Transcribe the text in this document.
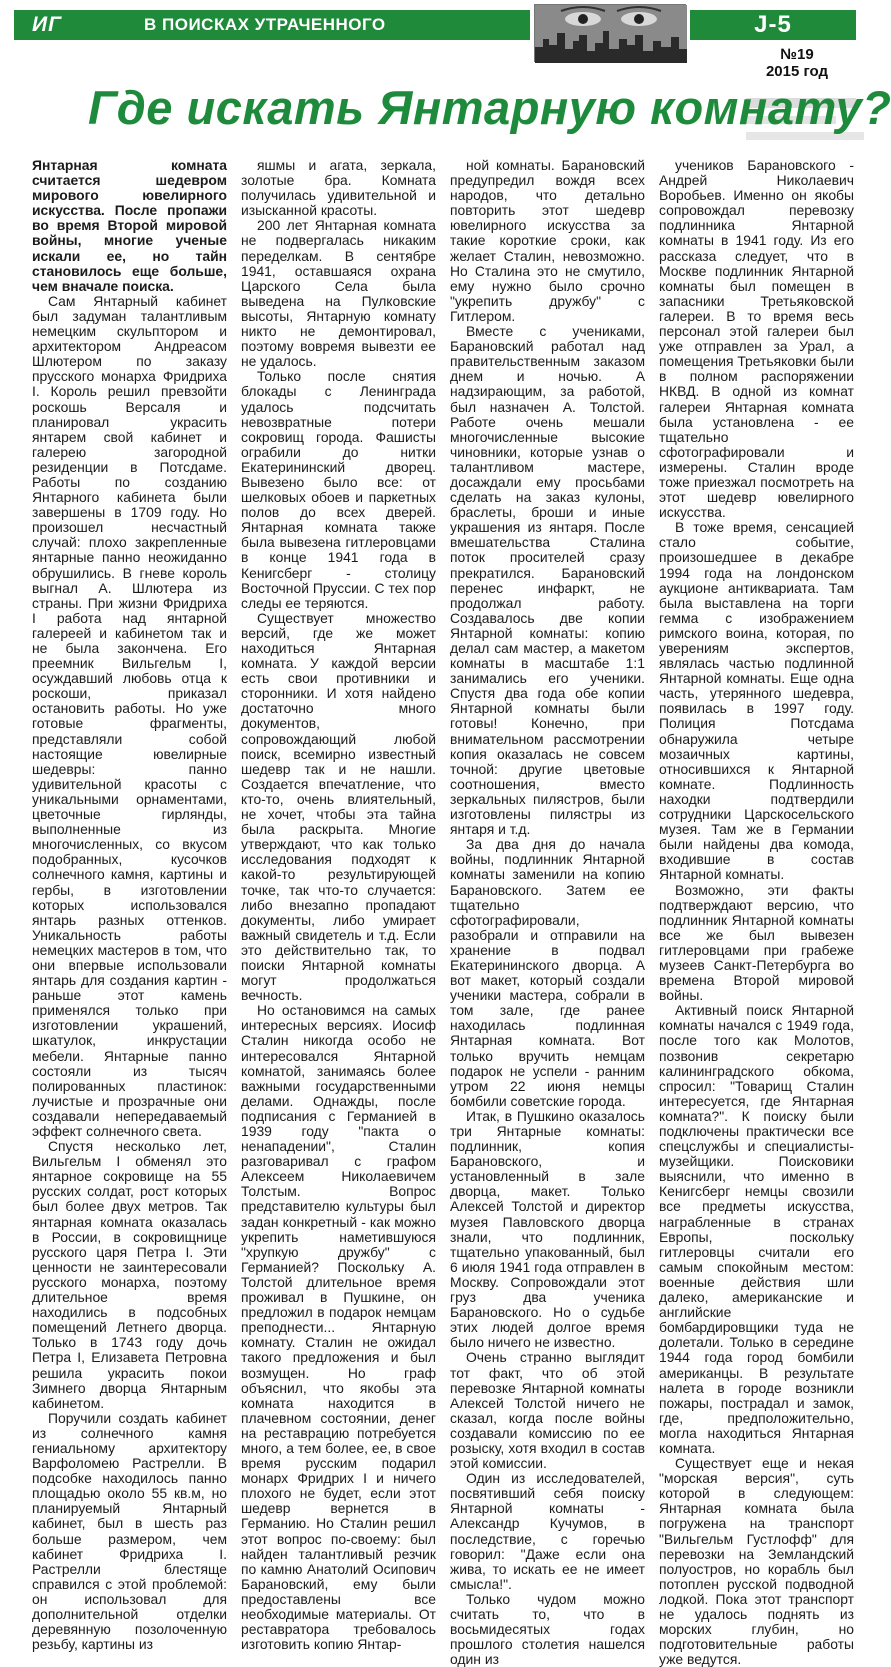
ИГ	В ПОИСКАХ УТРАЧЕННОГО	J-5
№19
2015 год
Где искать Янтарную комнату?

Янтарная комната считается шедевром мирового ювелирного искусства. После пропажи во время Второй мировой войны, многие ученые искали ее, но тайн становилось еще больше, чем вначале поиска.

Сам Янтарный кабинет был задуман талантливым немецким скульптором и архитектором Андреасом Шлютером по заказу прусского монарха Фридриха I. Король решил превзойти роскошь Версаля и планировал украсить янтарем свой кабинет и галерею загородной резиденции в Потсдаме. Работы по созданию Янтарного кабинета были завершены в 1709 году. Но произошел несчастный случай: плохо закрепленные янтарные панно неожиданно обрушились. В гневе король выгнал А. Шлютера из страны. При жизни Фридриха I работа над янтарной галереей и кабинетом так и не была закончена. Его преемник Вильгельм I, осуждавший любовь отца к роскоши, приказал остановить работы. Но уже готовые фрагменты, представляли собой настоящие ювелирные шедевры: панно удивительной красоты с уникальными орнаментами, цветочные гирлянды, выполненные из многочисленных, со вкусом подобранных, кусочков солнечного камня, картины и гербы, в изготовлении которых использовался янтарь разных оттенков. Уникальность работы немецких мастеров в том, что они впервые использовали янтарь для создания картин - раньше этот камень применялся только при изготовлении украшений, шкатулок, инкрустации мебели. Янтарные панно состояли из тысяч полированных пластинок: лучистые и прозрачные они создавали непередаваемый эффект солнечного света.

Спустя несколько лет, Вильгельм I обменял это янтарное сокровище на 55 русских солдат, рост которых был более двух метров. Так янтарная комната оказалась в России, в сокровищнице русского царя Петра I. Эти ценности не заинтересовали русского монарха, поэтому длительное время находились в подсобных помещений Летнего дворца. Только в 1743 году дочь Петра I, Елизавета Петровна решила украсить покои Зимнего дворца Янтарным кабинетом.

Поручили создать кабинет из солнечного камня гениальному архитектору Варфоломею Растрелли. В подсобке находилось панно площадью около 55 кв.м, но планируемый Янтарный кабинет, был в шесть раз больше размером, чем кабинет Фридриха I. Растрелли блестяще справился с этой проблемой: он использовал для дополнительной отделки деревянную позолоченную резьбу, картины из

яшмы и агата, зеркала, золотые бра. Комната получилась удивительной и изысканной красоты.

200 лет Янтарная комната не подвергалась никаким переделкам. В сентябре 1941, оставшаяся охрана Царского Села была выведена на Пулковские высоты, Янтарную комнату никто не демонтировал, поэтому вовремя вывезти ее не удалось.

Только после снятия блокады с Ленинграда удалось подсчитать невозвратные потери сокровищ города. Фашисты ограбили до нитки Екатерининский дворец. Вывезено было все: от шелковых обоев и паркетных полов до всех дверей. Янтарная комната также была вывезена гитлеровцами в конце 1941 года в Кенигсберг - столицу Восточной Пруссии. С тех пор следы ее теряются.

Существует множество версий, где же может находиться Янтарная комната. У каждой версии есть свои противники и сторонники. И хотя найдено достаточно много документов, сопровождающий любой поиск, всемирно известный шедевр так и не нашли. Создается впечатление, что кто-то, очень влиятельный, не хочет, чтобы эта тайна была раскрыта. Многие утверждают, что как только исследования подходят к какой-то результирующей точке, так что-то случается: либо внезапно пропадают документы, либо умирает важный свидетель и т.д. Если это действительно так, то поиски Янтарной комнаты могут продолжаться вечность.

Но остановимся на самых интересных версиях. Иосиф Сталин никогда особо не интересовался Янтарной комнатой, занимаясь более важными государственными делами. Однажды, после подписания с Германией в 1939 году "пакта о ненападении", Сталин разговаривал с графом Алексеем Николаевичем Толстым. Вопрос представителю культуры был задан конкретный - как можно укрепить наметившуюся "хрупкую дружбу" с Германией? Поскольку А. Толстой длительное время проживал в Пушкине, он предложил в подарок немцам преподнести... Янтарную комнату. Сталин не ожидал такого предложения и был возмущен. Но граф объяснил, что якобы эта комната находится в плачевном состоянии, денег на реставрацию потребуется много, а тем более, ее, в свое время русским подарил монарх Фридрих I и ничего плохого не будет, если этот шедевр вернется в Германию. Но Сталин решил этот вопрос по-своему: был найден талантливый резчик по камню Анатолий Осипович Барановский, ему были предоставлены все необходимые материалы. От реставратора требовалось изготовить копию Янтар-

ной комнаты. Барановский предупредил вождя всех народов, что детально повторить этот шедевр ювелирного искусства за такие короткие сроки, как желает Сталин, невозможно. Но Сталина это не смутило, ему нужно было срочно "укрепить дружбу" с Гитлером.

Вместе с учениками, Барановский работал над правительственным заказом днем и ночью. А надзирающим, за работой, был назначен А. Толстой. Работе очень мешали многочисленные высокие чиновники, которые узнав о талантливом мастере, досаждали ему просьбами сделать на заказ кулоны, браслеты, броши и иные украшения из янтаря. После вмешательства Сталина поток просителей сразу прекратился. Барановский перенес инфаркт, не продолжал работу. Создавалось две копии Янтарной комнаты: копию делал сам мастер, а макетом комнаты в масштабе 1:1 занимались его ученики. Спустя два года обе копии Янтарной комнаты были готовы! Конечно, при внимательном рассмотрении копия оказалась не совсем точной: другие цветовые соотношения, вместо зеркальных пилястров, были изготовлены пилястры из янтаря и т.д.

За два дня до начала войны, подлинник Янтарной комнаты заменили на копию Барановского. Затем ее тщательно сфотографировали, разобрали и отправили на хранение в подвал Екатерининского дворца. А вот макет, который создали ученики мастера, собрали в том зале, где ранее находилась подлинная Янтарная комната. Вот только вручить немцам подарок не успели - ранним утром 22 июня немцы бомбили советские города.

Итак, в Пушкино оказалось три Янтарные комнаты: подлинник, копия Барановского, и установленный в зале дворца, макет. Только Алексей Толстой и директор музея Павловского дворца знали, что подлинник, тщательно упакованный, был 6 июля 1941 года отправлен в Москву. Сопровождали этот груз два ученика Барановского. Но о судьбе этих людей долгое время было ничего не известно.

Очень странно выглядит тот факт, что об этой перевозке Янтарной комнаты Алексей Толстой ничего не сказал, когда после войны создавали комиссию по ее розыску, хотя входил в состав этой комиссии.

Один из исследователей, посвятивший себя поиску Янтарной комнаты - Александр Кучумов, в последствие, с горечью говорил: "Даже если она жива, то искать ее не имеет смысла!".

Только чудом можно считать то, что в восьмидесятых годах прошлого столетия нашелся один из

учеников Барановского - Андрей Николаевич Воробьев. Именно он якобы сопровождал перевозку подлинника Янтарной комнаты в 1941 году. Из его рассказа следует, что в Москве подлинник Янтарной комнаты был помещен в запасники Третьяковской галереи. В то время весь персонал этой галереи был уже отправлен за Урал, а помещения Третьяковки были в полном распоряжении НКВД. В одной из комнат галереи Янтарная комната была установлена - ее тщательно сфотографировали и измерены. Сталин вроде тоже приезжал посмотреть на этот шедевр ювелирного искусства.

В тоже время, сенсацией стало событие, произошедшее в декабре 1994 года на лондонском аукционе антиквариата. Там была выставлена на торги гемма с изображением римского воина, которая, по уверениям экспертов, являлась частью подлинной Янтарной комнаты. Еще одна часть, утерянного шедевра, появилась в 1997 году. Полиция Потсдама обнаружила четыре мозаичных картины, относившихся к Янтарной комнате. Подлинность находки подтвердили сотрудники Царскосельского музея. Там же в Германии были найдены два комода, входившие в состав Янтарной комнаты.

Возможно, эти факты подтверждают версию, что подлинник Янтарной комнаты все же был вывезен гитлеровцами при грабеже музеев Санкт-Петербурга во времена Второй мировой войны.

Активный поиск Янтарной комнаты начался с 1949 года, после того как Молотов, позвонив секретарю калининградского обкома, спросил: "Товарищ Сталин интересуется, где Янтарная комната?". К поиску были подключены практически все спецслужбы и специалисты-музейщики. Поисковики выяснили, что именно в Кенигсберг немцы свозили все предметы искусства, награбленные в странах Европы, поскольку гитлеровцы считали его самым спокойным местом: военные действия шли далеко, американские и английские бомбардировщики туда не долетали. Только в середине 1944 года город бомбили американцы. В результате налета в городе возникли пожары, пострадал и замок, где, предположительно, могла находиться Янтарная комната.

Существует еще и некая "морская версия", суть которой в следующем: Янтарная комната была погружена на транспорт "Вильгельм Густлофф" для перевозки на Земландский полуостров, но корабль был потоплен русской подводной лодкой. Пока этот транспорт не удалось поднять из морских глубин, но подготовительные работы уже ведутся.
